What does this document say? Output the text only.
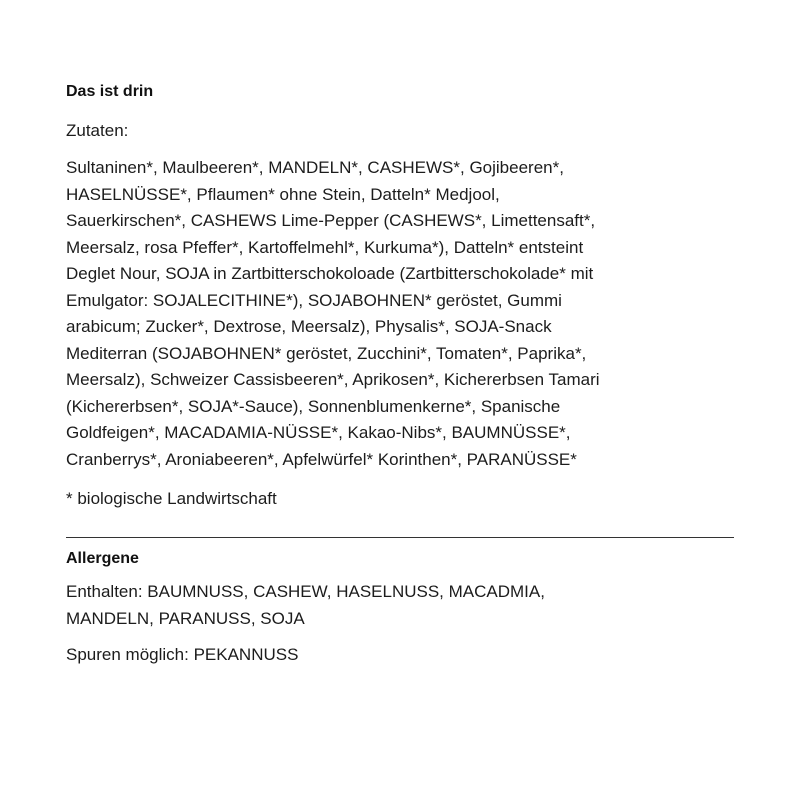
Das ist drin

Zutaten:

Sultaninen*, Maulbeeren*, MANDELN*, CASHEWS*, Gojibeeren*,
HASELNÜSSE*, Pflaumen* ohne Stein, Datteln* Medjool,
Sauerkirschen*, CASHEWS Lime-Pepper (CASHEWS*, Limettensaft*,
Meersalz, rosa Pfeffer*, Kartoffelmehl*, Kurkuma*), Datteln* entsteint
Deglet Nour, SOJA in Zartbitterschokoloade (Zartbitterschokolade* mit
Emulgator: SOJALECITHINE*), SOJABOHNEN* geröstet, Gummi
arabicum; Zucker*, Dextrose, Meersalz), Physalis*, SOJA-Snack
Mediterran (SOJABOHNEN* geröstet, Zucchini*, Tomaten*, Paprika*,
Meersalz), Schweizer Cassisbeeren*, Aprikosen*, Kichererbsen Tamari
(Kichererbsen*, SOJA*-Sauce), Sonnenblumenkerne*, Spanische
Goldfeigen*, MACADAMIA-NÜSSE*, Kakao-Nibs*, BAUMNÜSSE*,
Cranberrys*, Aroniabeeren*, Apfelwürfel* Korinthen*, PARANÜSSE*

* biologische Landwirtschaft

Allergene

Enthalten: BAUMNUSS, CASHEW, HASELNUSS, MACADMIA,
MANDELN, PARANUSS, SOJA

Spuren möglich: PEKANNUSS
